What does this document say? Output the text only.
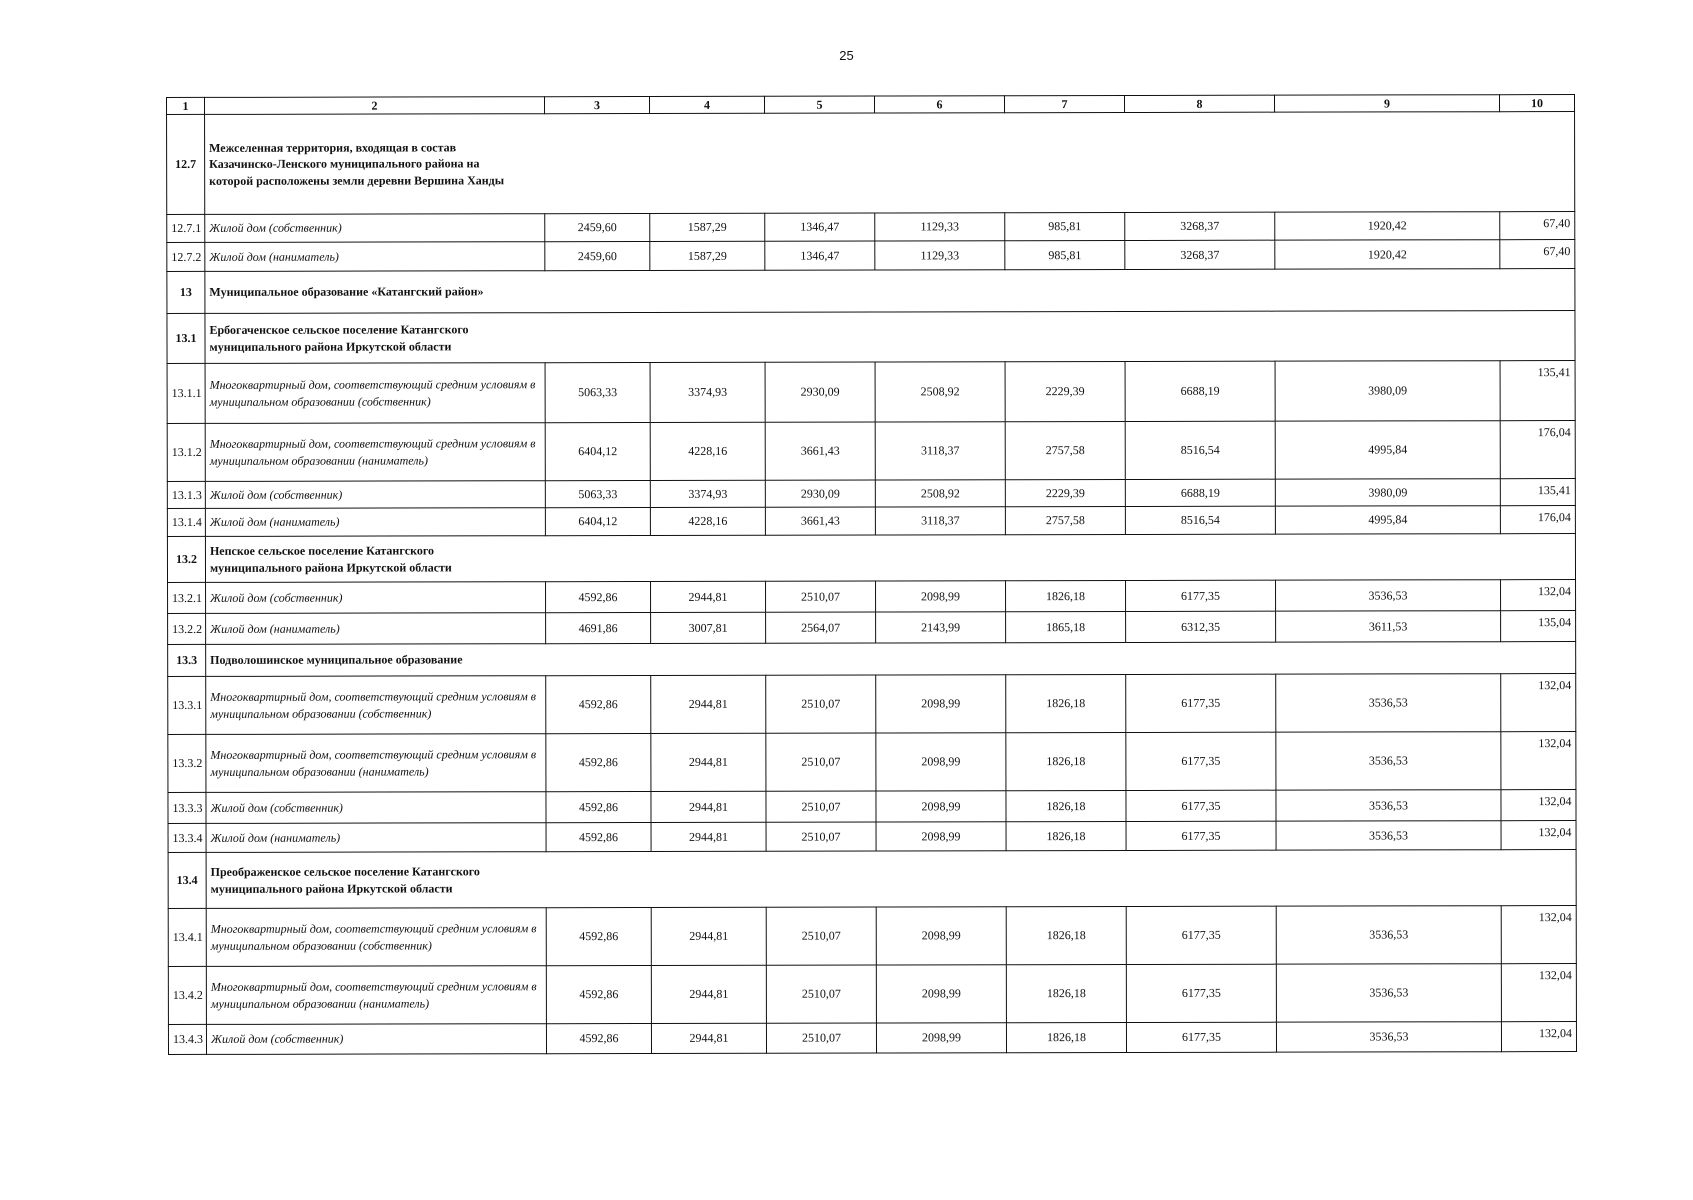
25
1	2	3	4	5	6	7	8	9	10
12.7	Межселенная территория, входящая в состав Казачинско-Ленского муниципального района на которой расположены земли деревни Вершина Ханды								
12.7.1	Жилой дом (собственник)	2459,60	1587,29	1346,47	1129,33	985,81	3268,37	1920,42	67,40
12.7.2	Жилой дом (наниматель)	2459,60	1587,29	1346,47	1129,33	985,81	3268,37	1920,42	67,40
13	Муниципальное образование «Катангский район»								
13.1	Ербогаченское сельское поселение Катангского муниципального района Иркутской области								
13.1.1	Многоквартирный дом, соответствующий средним условиям в муниципальном образовании (собственник)	5063,33	3374,93	2930,09	2508,92	2229,39	6688,19	3980,09	135,41
13.1.2	Многоквартирный дом, соответствующий средним условиям в муниципальном образовании (наниматель)	6404,12	4228,16	3661,43	3118,37	2757,58	8516,54	4995,84	176,04
13.1.3	Жилой дом (собственник)	5063,33	3374,93	2930,09	2508,92	2229,39	6688,19	3980,09	135,41
13.1.4	Жилой дом (наниматель)	6404,12	4228,16	3661,43	3118,37	2757,58	8516,54	4995,84	176,04
13.2	Непское сельское поселение Катангского муниципального района Иркутской области								
13.2.1	Жилой дом (собственник)	4592,86	2944,81	2510,07	2098,99	1826,18	6177,35	3536,53	132,04
13.2.2	Жилой дом (наниматель)	4691,86	3007,81	2564,07	2143,99	1865,18	6312,35	3611,53	135,04
13.3	Подволошинское муниципальное образование								
13.3.1	Многоквартирный дом, соответствующий средним условиям в муниципальном образовании (собственник)	4592,86	2944,81	2510,07	2098,99	1826,18	6177,35	3536,53	132,04
13.3.2	Многоквартирный дом, соответствующий средним условиям в муниципальном образовании (наниматель)	4592,86	2944,81	2510,07	2098,99	1826,18	6177,35	3536,53	132,04
13.3.3	Жилой дом (собственник)	4592,86	2944,81	2510,07	2098,99	1826,18	6177,35	3536,53	132,04
13.3.4	Жилой дом (наниматель)	4592,86	2944,81	2510,07	2098,99	1826,18	6177,35	3536,53	132,04
13.4	Преображенское сельское поселение Катангского муниципального района Иркутской области								
13.4.1	Многоквартирный дом, соответствующий средним условиям в муниципальном образовании (собственник)	4592,86	2944,81	2510,07	2098,99	1826,18	6177,35	3536,53	132,04
13.4.2	Многоквартирный дом, соответствующий средним условиям в муниципальном образовании (наниматель)	4592,86	2944,81	2510,07	2098,99	1826,18	6177,35	3536,53	132,04
13.4.3	Жилой дом (собственник)	4592,86	2944,81	2510,07	2098,99	1826,18	6177,35	3536,53	132,04
